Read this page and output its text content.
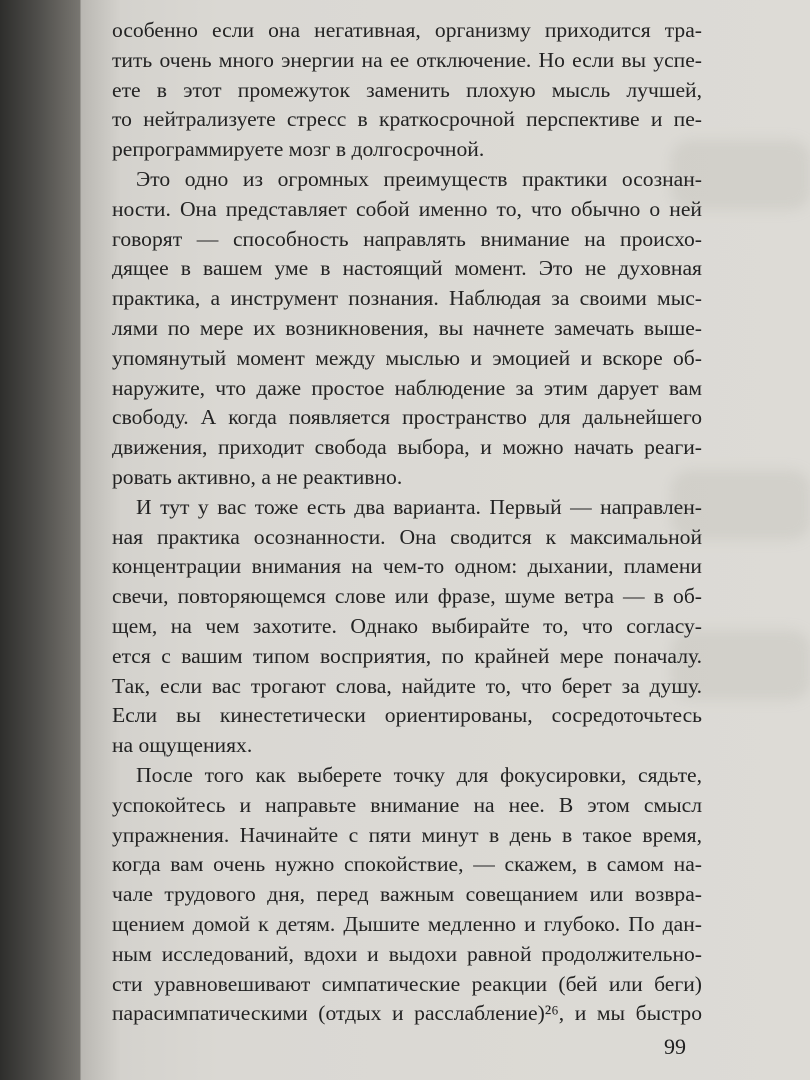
особенно если она негативная, организму приходится тра-
тить очень много энергии на ее отключение. Но если вы успе-
ете в этот промежуток заменить плохую мысль лучшей,
то нейтрализуете стресс в краткосрочной перспективе и пе-
репрограммируете мозг в долгосрочной.
Это одно из огромных преимуществ практики осознан-
ности. Она представляет собой именно то, что обычно о ней
говорят — способность направлять внимание на происхо-
дящее в вашем уме в настоящий момент. Это не духовная
практика, а инструмент познания. Наблюдая за своими мыс-
лями по мере их возникновения, вы начнете замечать выше-
упомянутый момент между мыслью и эмоцией и вскоре об-
наружите, что даже простое наблюдение за этим дарует вам
свободу. А когда появляется пространство для дальнейшего
движения, приходит свобода выбора, и можно начать реаги-
ровать активно, а не реактивно.
И тут у вас тоже есть два варианта. Первый — направлен-
ная практика осознанности. Она сводится к максимальной
концентрации внимания на чем-то одном: дыхании, пламени
свечи, повторяющемся слове или фразе, шуме ветра — в об-
щем, на чем захотите. Однако выбирайте то, что согласу-
ется с вашим типом восприятия, по крайней мере поначалу.
Так, если вас трогают слова, найдите то, что берет за душу.
Если вы кинестетически ориентированы, сосредоточьтесь
на ощущениях.
После того как выберете точку для фокусировки, сядьте,
успокойтесь и направьте внимание на нее. В этом смысл
упражнения. Начинайте с пяти минут в день в такое время,
когда вам очень нужно спокойствие, — скажем, в самом на-
чале трудового дня, перед важным совещанием или возвра-
щением домой к детям. Дышите медленно и глубоко. По дан-
ным исследований, вдохи и выдохи равной продолжительно-
сти уравновешивают симпатические реакции (бей или беги)
парасимпатическими (отдых и расслабление)²⁶, и мы быстро
99
